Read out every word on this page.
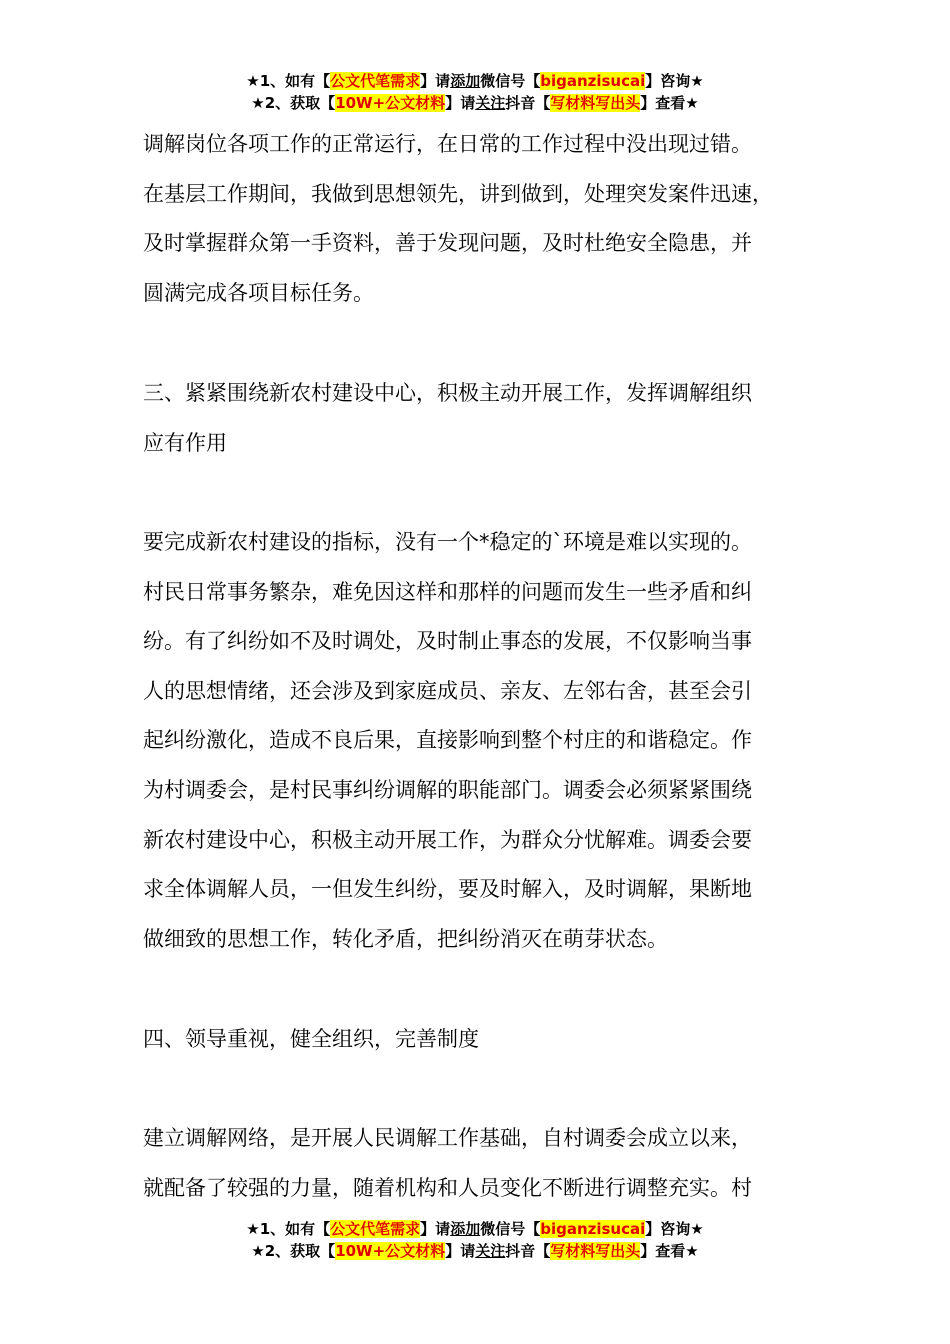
★1、如有【公文代笔需求】请添加微信号【biganzisucai】咨询★
★2、获取【10W+公文材料】请关注抖音【写材料写出头】查看★
调解岗位各项工作的正常运行，在日常的工作过程中没出现过错。
在基层工作期间，我做到思想领先，讲到做到，处理突发案件迅速，
及时掌握群众第一手资料，善于发现问题，及时杜绝安全隐患，并
圆满完成各项目标任务。
三、紧紧围绕新农村建设中心，积极主动开展工作，发挥调解组织
应有作用
要完成新农村建设的指标，没有一个*稳定的`环境是难以实现的。
村民日常事务繁杂，难免因这样和那样的问题而发生一些矛盾和纠
纷。有了纠纷如不及时调处，及时制止事态的发展，不仅影响当事
人的思想情绪，还会涉及到家庭成员、亲友、左邻右舍，甚至会引
起纠纷激化，造成不良后果，直接影响到整个村庄的和谐稳定。作
为村调委会，是村民事纠纷调解的职能部门。调委会必须紧紧围绕
新农村建设中心，积极主动开展工作，为群众分忧解难。调委会要
求全体调解人员，一但发生纠纷，要及时解入，及时调解，果断地
做细致的思想工作，转化矛盾，把纠纷消灭在萌芽状态。
四、领导重视，健全组织，完善制度
建立调解网络，是开展人民调解工作基础，自村调委会成立以来，
就配备了较强的力量，随着机构和人员变化不断进行调整充实。村
★1、如有【公文代笔需求】请添加微信号【biganzisucai】咨询★
★2、获取【10W+公文材料】请关注抖音【写材料写出头】查看★
